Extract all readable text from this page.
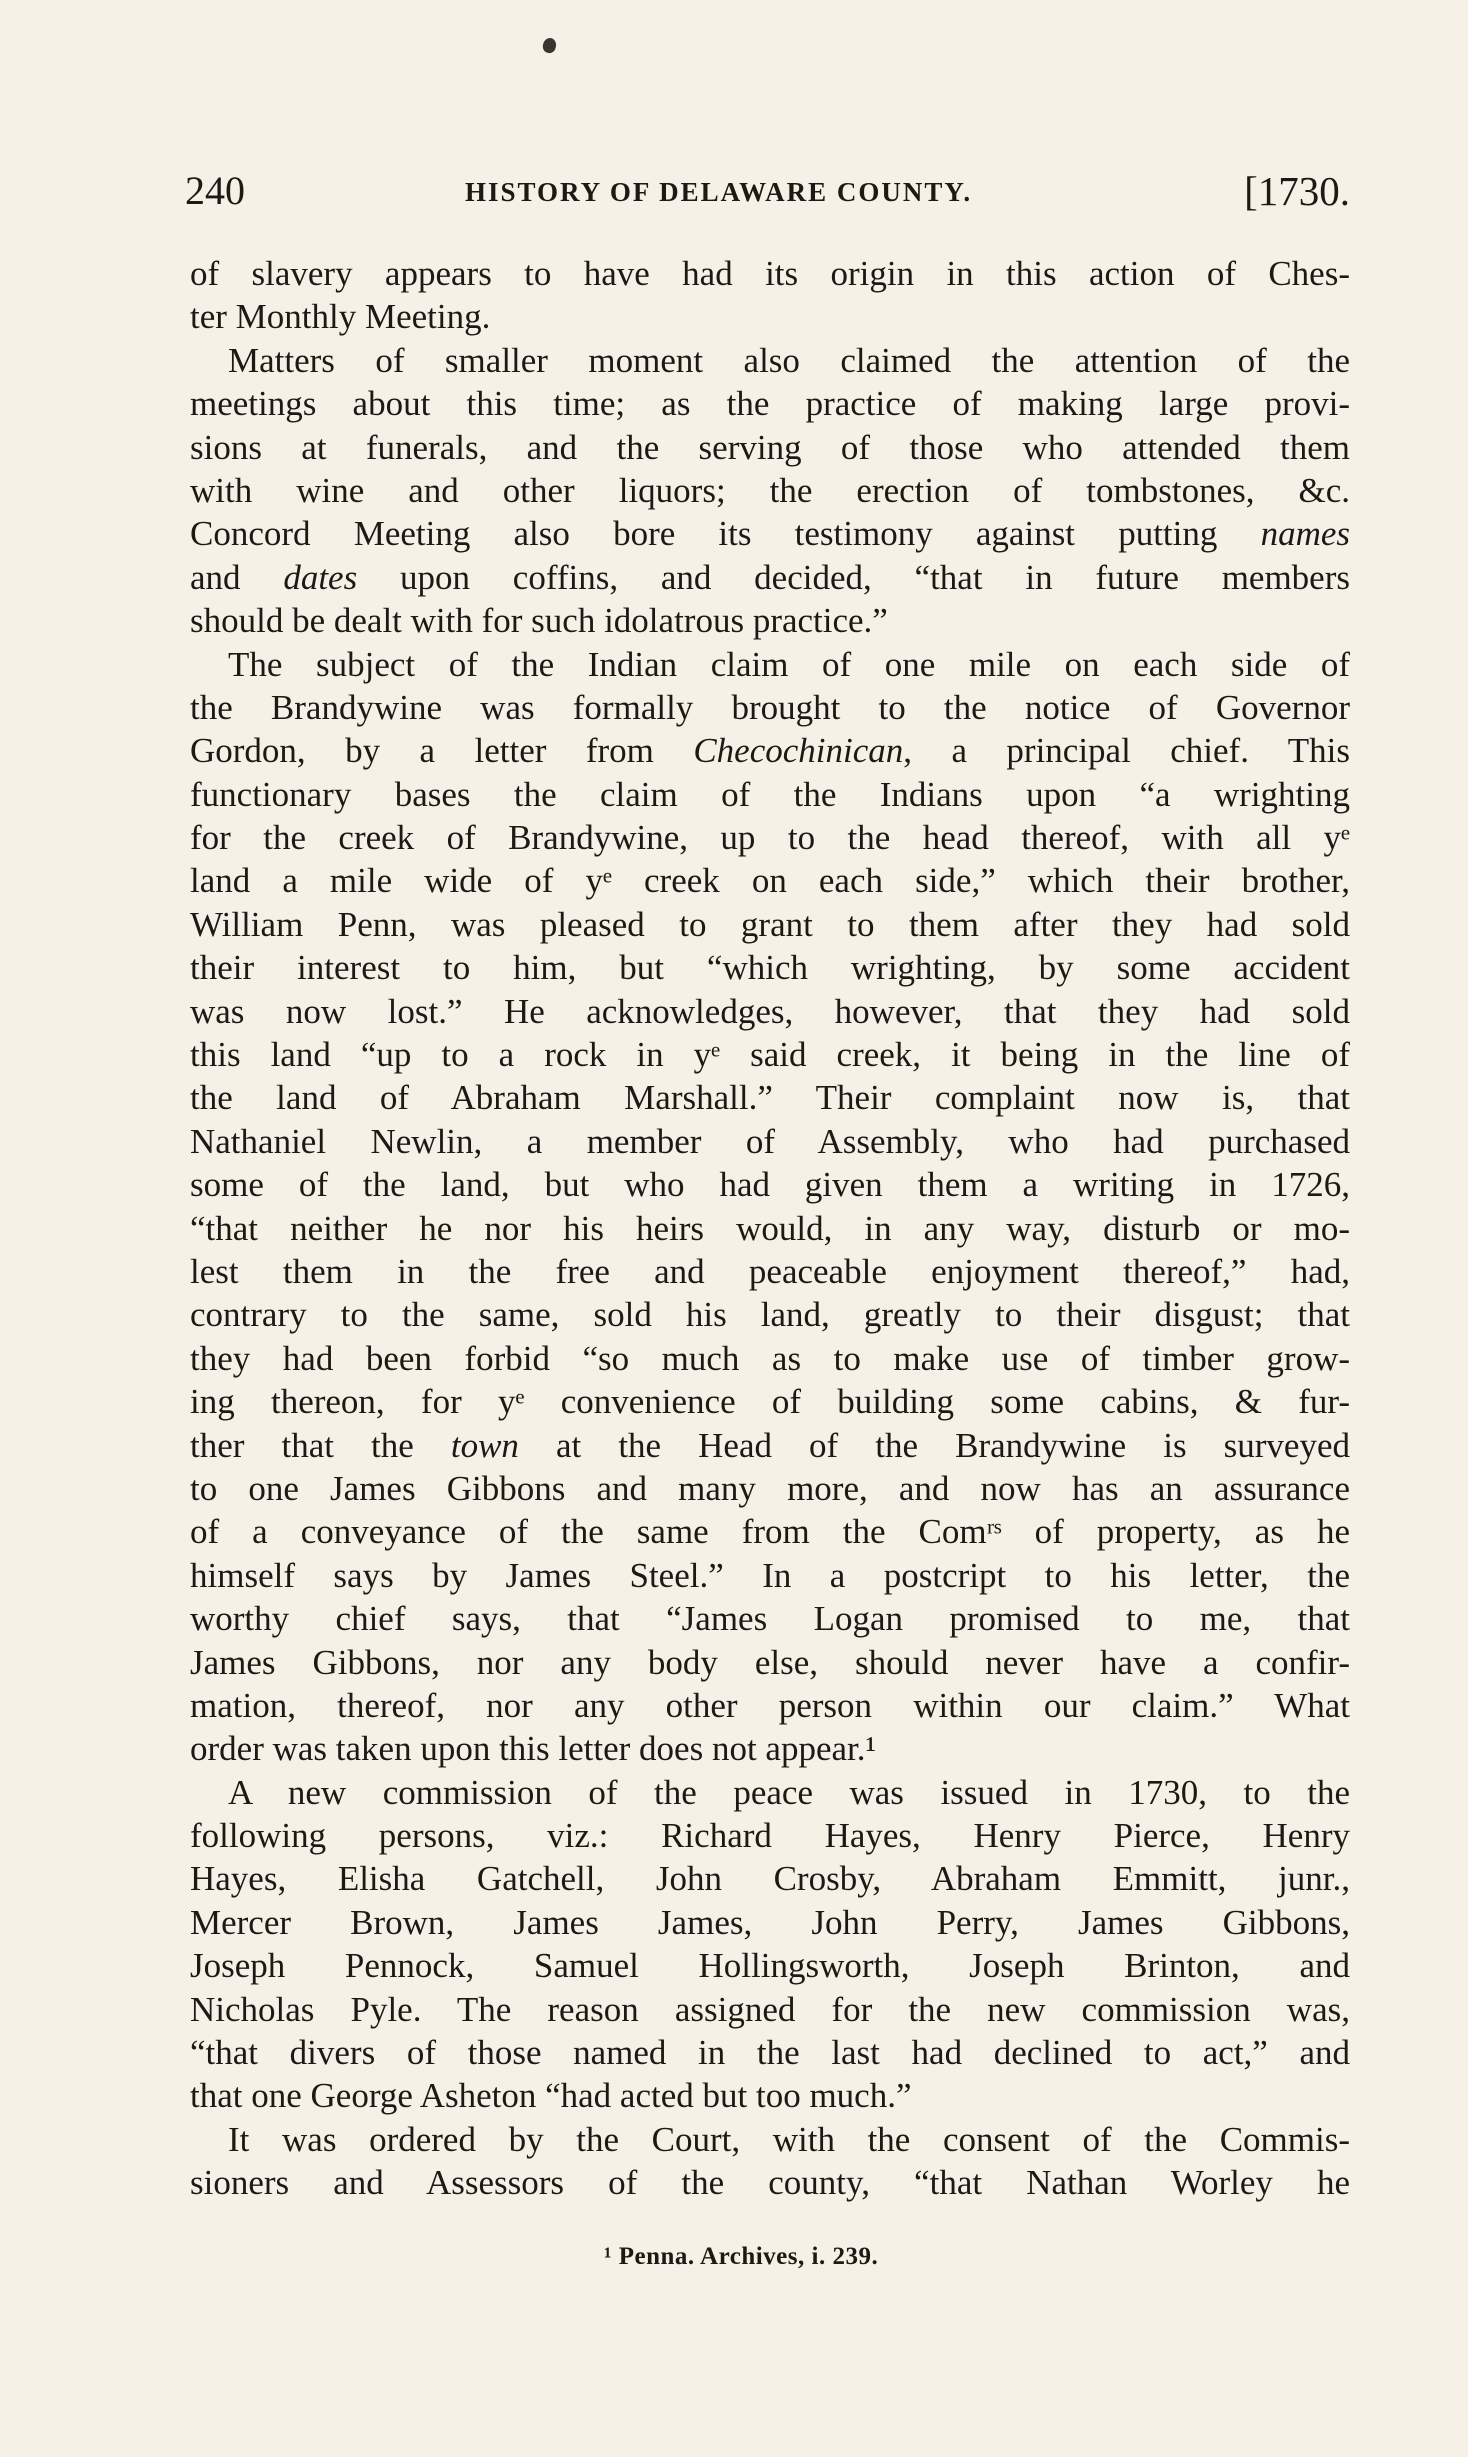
240	HISTORY OF DELAWARE COUNTY.	[1730.
of slavery appears to have had its origin in this action of Ches-
ter Monthly Meeting.
Matters of smaller moment also claimed the attention of the
meetings about this time; as the practice of making large provi-
sions at funerals, and the serving of those who attended them
with wine and other liquors; the erection of tombstones, &c.
Concord Meeting also bore its testimony against putting names
and dates upon coffins, and decided, “that in future members
should be dealt with for such idolatrous practice.”
The subject of the Indian claim of one mile on each side of
the Brandywine was formally brought to the notice of Governor
Gordon, by a letter from Checochinican, a principal chief. This
functionary bases the claim of the Indians upon “a wrighting
for the creek of Brandywine, up to the head thereof, with all yᵉ
land a mile wide of yᵉ creek on each side,” which their brother,
William Penn, was pleased to grant to them after they had sold
their interest to him, but “which wrighting, by some accident
was now lost.” He acknowledges, however, that they had sold
this land “up to a rock in yᵉ said creek, it being in the line of
the land of Abraham Marshall.” Their complaint now is, that
Nathaniel Newlin, a member of Assembly, who had purchased
some of the land, but who had given them a writing in 1726,
“that neither he nor his heirs would, in any way, disturb or mo-
lest them in the free and peaceable enjoyment thereof,” had,
contrary to the same, sold his land, greatly to their disgust; that
they had been forbid “so much as to make use of timber grow-
ing thereon, for yᵉ convenience of building some cabins, & fur-
ther that the town at the Head of the Brandywine is surveyed
to one James Gibbons and many more, and now has an assurance
of a conveyance of the same from the Comʳˢ of property, as he
himself says by James Steel.” In a postcript to his letter, the
worthy chief says, that “James Logan promised to me, that
James Gibbons, nor any body else, should never have a confir-
mation, thereof, nor any other person within our claim.” What
order was taken upon this letter does not appear.¹
A new commission of the peace was issued in 1730, to the
following persons, viz.: Richard Hayes, Henry Pierce, Henry
Hayes, Elisha Gatchell, John Crosby, Abraham Emmitt, junr.,
Mercer Brown, James James, John Perry, James Gibbons,
Joseph Pennock, Samuel Hollingsworth, Joseph Brinton, and
Nicholas Pyle. The reason assigned for the new commission was,
“that divers of those named in the last had declined to act,” and
that one George Asheton “had acted but too much.”
It was ordered by the Court, with the consent of the Commis-
sioners and Assessors of the county, “that Nathan Worley he
¹ Penna. Archives, i. 239.
